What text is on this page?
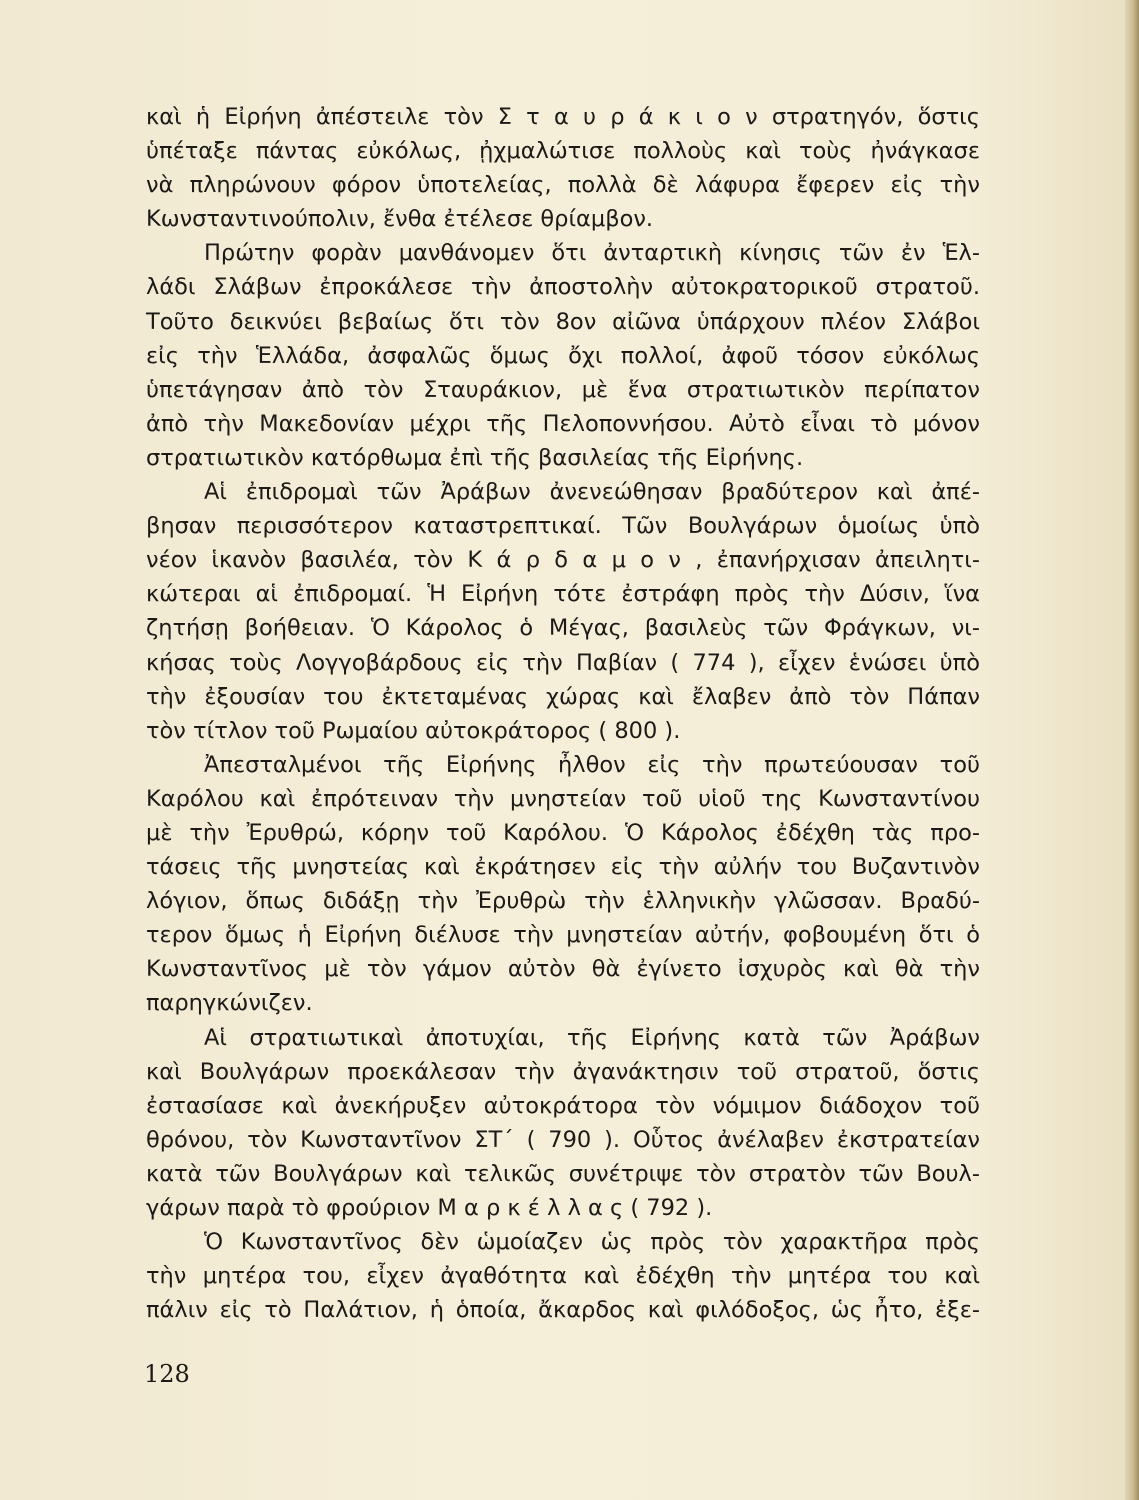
καὶ ἡ Εἰρήνη ἀπέστειλε τὸν Σ τ α υ ρ ά κ ι ο ν στρατηγόν, ὅστις
ὑπέταξε πάντας εὐκόλως, ᾐχμαλώτισε πολλοὺς καὶ τοὺς ἠνάγκασε
νὰ πληρώνουν φόρον ὑποτελείας, πολλὰ δὲ λάφυρα ἔφερεν εἰς τὴν
Κωνσταντινούπολιν, ἔνθα ἐτέλεσε θρίαμβον.
Πρώτην φορὰν μανθάνομεν ὅτι ἀνταρτικὴ κίνησις τῶν ἐν Ἑλ-
λάδι Σλάβων ἐπροκάλεσε τὴν ἀποστολὴν αὐτοκρατορικοῦ στρατοῦ.
Τοῦτο δεικνύει βεβαίως ὅτι τὸν 8ον αἰῶνα ὑπάρχουν πλέον Σλάβοι
εἰς τὴν Ἑλλάδα, ἀσφαλῶς ὅμως ὄχι πολλοί, ἀφοῦ τόσον εὐκόλως
ὑπετάγησαν ἀπὸ τὸν Σταυράκιον, μὲ ἕνα στρατιωτικὸν περίπατον
ἀπὸ τὴν Μακεδονίαν μέχρι τῆς Πελοποννήσου. Αὐτὸ εἶναι τὸ μόνον
στρατιωτικὸν κατόρθωμα ἐπὶ τῆς βασιλείας τῆς Εἰρήνης.
Αἱ ἐπιδρομαὶ τῶν Ἀράβων ἀνενεώθησαν βραδύτερον καὶ ἀπέ-
βησαν περισσότερον καταστρεπτικαί. Τῶν Βουλγάρων ὁμοίως ὑπὸ
νέον ἱκανὸν βασιλέα, τὸν Κ ά ρ δ α μ ο ν , ἐπανήρχισαν ἀπειλητι-
κώτεραι αἱ ἐπιδρομαί. Ἡ Εἰρήνη τότε ἐστράφη πρὸς τὴν Δύσιν, ἵνα
ζητήσῃ βοήθειαν. Ὁ Κάρολος ὁ Μέγας, βασιλεὺς τῶν Φράγκων, νι-
κήσας τοὺς Λογγοβάρδους εἰς τὴν Παβίαν ( 774 ), εἶχεν ἑνώσει ὑπὸ
τὴν ἐξουσίαν του ἐκτεταμένας χώρας καὶ ἔλαβεν ἀπὸ τὸν Πάπαν
τὸν τίτλον τοῦ Ρωμαίου αὐτοκράτορος ( 800 ).
Ἀπεσταλμένοι τῆς Εἰρήνης ἦλθον εἰς τὴν πρωτεύουσαν τοῦ
Καρόλου καὶ ἐπρότειναν τὴν μνηστείαν τοῦ υἱοῦ της Κωνσταντίνου
μὲ τὴν Ἐρυθρώ, κόρην τοῦ Καρόλου. Ὁ Κάρολος ἐδέχθη τὰς προ-
τάσεις τῆς μνηστείας καὶ ἐκράτησεν εἰς τὴν αὐλήν του Βυζαντινὸν
λόγιον, ὅπως διδάξῃ τὴν Ἐρυθρὼ τὴν ἑλληνικὴν γλῶσσαν. Βραδύ-
τερον ὅμως ἡ Εἰρήνη διέλυσε τὴν μνηστείαν αὐτήν, φοβουμένη ὅτι ὁ
Κωνσταντῖνος μὲ τὸν γάμον αὐτὸν θὰ ἐγίνετο ἰσχυρὸς καὶ θὰ τὴν
παρηγκώνιζεν.
Αἱ στρατιωτικαὶ ἀποτυχίαι, τῆς Εἰρήνης κατὰ τῶν Ἀράβων
καὶ Βουλγάρων προεκάλεσαν τὴν ἀγανάκτησιν τοῦ στρατοῦ, ὅστις
ἐστασίασε καὶ ἀνεκήρυξεν αὐτοκράτορα τὸν νόμιμον διάδοχον τοῦ
θρόνου, τὸν Κωνσταντῖνον ΣΤ΄ ( 790 ). Οὗτος ἀνέλαβεν ἐκστρατείαν
κατὰ τῶν Βουλγάρων καὶ τελικῶς συνέτριψε τὸν στρατὸν τῶν Βουλ-
γάρων παρὰ τὸ φρούριον Μ α ρ κ έ λ λ α ς ( 792 ).
Ὁ Κωνσταντῖνος δὲν ὡμοίαζεν ὡς πρὸς τὸν χαρακτῆρα πρὸς
τὴν μητέρα του, εἶχεν ἀγαθότητα καὶ ἐδέχθη τὴν μητέρα του καὶ
πάλιν εἰς τὸ Παλάτιον, ἡ ὁποία, ἄκαρδος καὶ φιλόδοξος, ὡς ἦτο, ἐξε-
128
